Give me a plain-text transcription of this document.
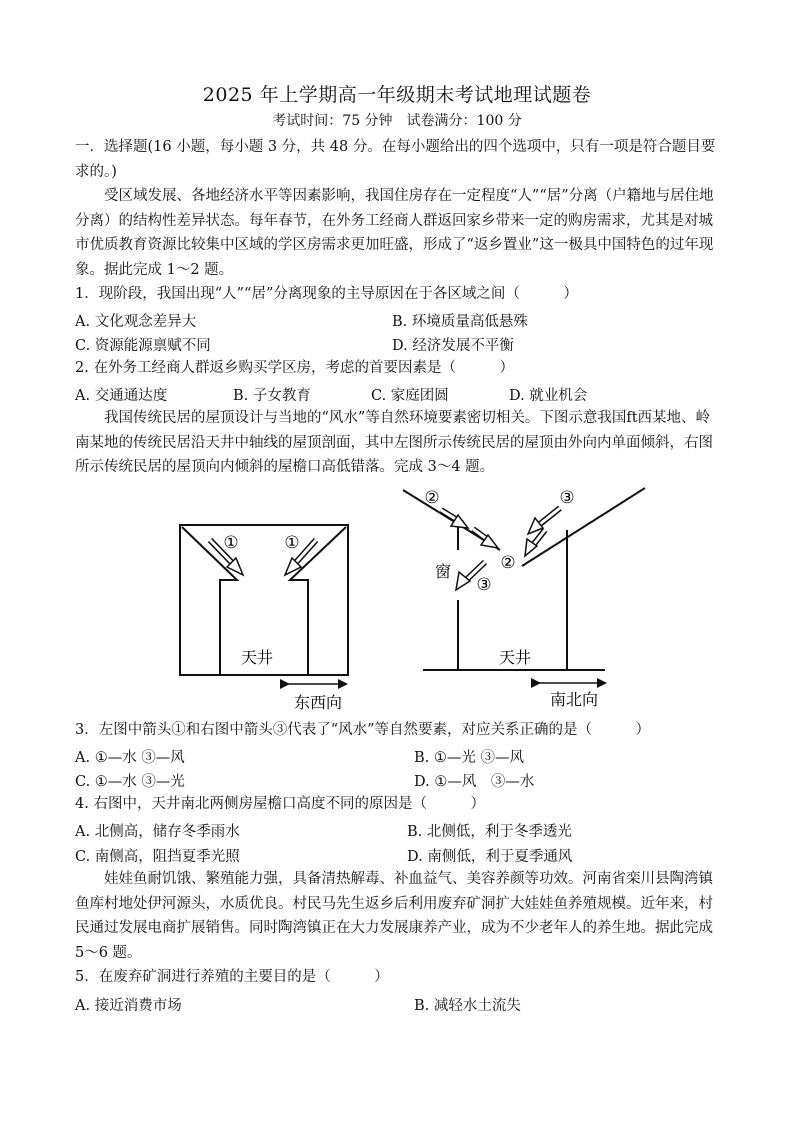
2025 年上学期高一年级期末考试地理试题卷
考试时间：75 分钟　试卷满分：100 分
一．选择题(16 小题，每小题 3 分，共 48 分。在每小题给出的四个选项中，只有一项是符合题目要求的。)
受区域发展、各地经济水平等因素影响，我国住房存在一定程度“人”“居”分离（户籍地与居住地分离）的结构性差异状态。每年春节，在外务工经商人群返回家乡带来一定的购房需求，尤其是对城市优质教育资源比较集中区域的学区房需求更加旺盛，形成了“返乡置业”这一极具中国特色的过年现象。据此完成 1～2 题。
1．现阶段，我国出现“人”“居”分离现象的主导原因在于各区域之间（　　　）
A. 文化观念差异大	B. 环境质量高低悬殊
C. 资源能源禀赋不同	D. 经济发展不平衡
2. 在外务工经商人群返乡购买学区房，考虑的首要因素是（　　　）
A. 交通通达度	B. 子女教育	C. 家庭团圆	D. 就业机会
我国传统民居的屋顶设计与当地的“风水”等自然环境要素密切相关。下图示意我国ft西某地、岭南某地的传统民居沿天井中轴线的屋顶剖面，其中左图所示传统民居的屋顶由外向内单面倾斜，右图所示传统民居的屋顶向内倾斜的屋檐口高低错落。完成 3～4 题。
①	①
天井
东西向
②	③
②
③
窗
天井
南北向
3．左图中箭头①和右图中箭头③代表了“风水”等自然要素，对应关系正确的是（　　　）
A. ①—水 ③—风	B. ①—光 ③—风
C. ①—水 ③—光	D. ①—风　③—水
4. 右图中，天井南北两侧房屋檐口高度不同的原因是（　　　）
A. 北侧高，储存冬季雨水	B. 北侧低，利于冬季透光
C. 南侧高，阻挡夏季光照	D. 南侧低，利于夏季通风
娃娃鱼耐饥饿、繁殖能力强，具备清热解毒、补血益气、美容养颜等功效。河南省栾川县陶湾镇鱼库村地处伊河源头，水质优良。村民马先生返乡后利用废弃矿洞扩大娃娃鱼养殖规模。近年来，村民通过发展电商扩展销售。同时陶湾镇正在大力发展康养产业，成为不少老年人的养生地。据此完成 5～6 题。
5．在废弃矿洞进行养殖的主要目的是（　　　）
A. 接近消费市场	B. 减轻水土流失
